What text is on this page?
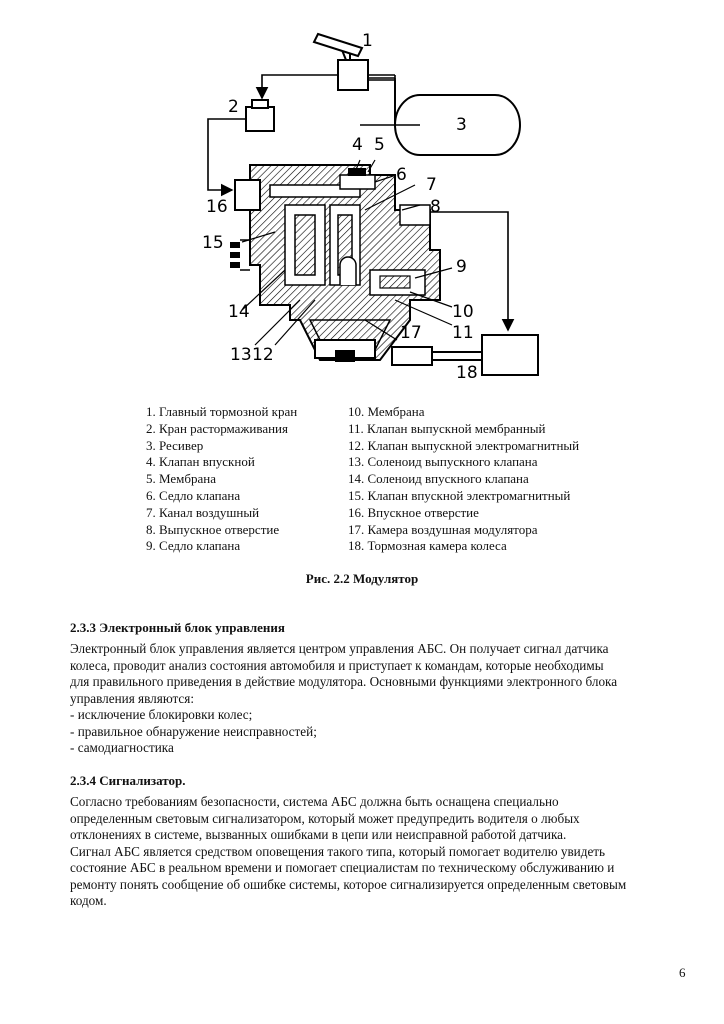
1
2
3
4 5
6 7
8
9
10
11
12
13
14
15
16
17
18
1. Главный тормозной кран
2. Кран растормаживания
3. Ресивер
4. Клапан впускной
5. Мембрана
6. Седло клапана
7. Канал воздушный
8. Выпускное отверстие
9. Седло клапана
10. Мембрана
11. Клапан выпускной мембранный
12. Клапан выпускной электромагнитный
13. Соленоид выпускного клапана
14. Соленоид впускного клапана
15. Клапан впускной электромагнитный
16. Впускное отверстие
17. Камера воздушная модулятора
18. Тормозная камера колеса
Рис. 2.2 Модулятор
2.3.3 Электронный блок управления
Электронный блок управления является центром управления АБС. Он получает сигнал датчика
колеса, проводит анализ состояния автомобиля и приступает к командам, которые необходимы
для правильного приведения в действие модулятора. Основными функциями электронного блока
управления являются:
- исключение блокировки колес;
- правильное обнаружение неисправностей;
- самодиагностика
2.3.4 Сигнализатор.
Согласно требованиям безопасности, система АБС должна быть оснащена специально
определенным световым сигнализатором, который может предупредить водителя о любых
отклонениях в системе, вызванных ошибками в цепи или неисправной работой датчика.
Сигнал АБС является средством оповещения такого типа, который помогает водителю увидеть
состояние АБС в реальном времени и помогает специалистам по техническому обслуживанию и
ремонту понять сообщение об ошибке системы, которое сигнализируется определенным световым
кодом.
6
